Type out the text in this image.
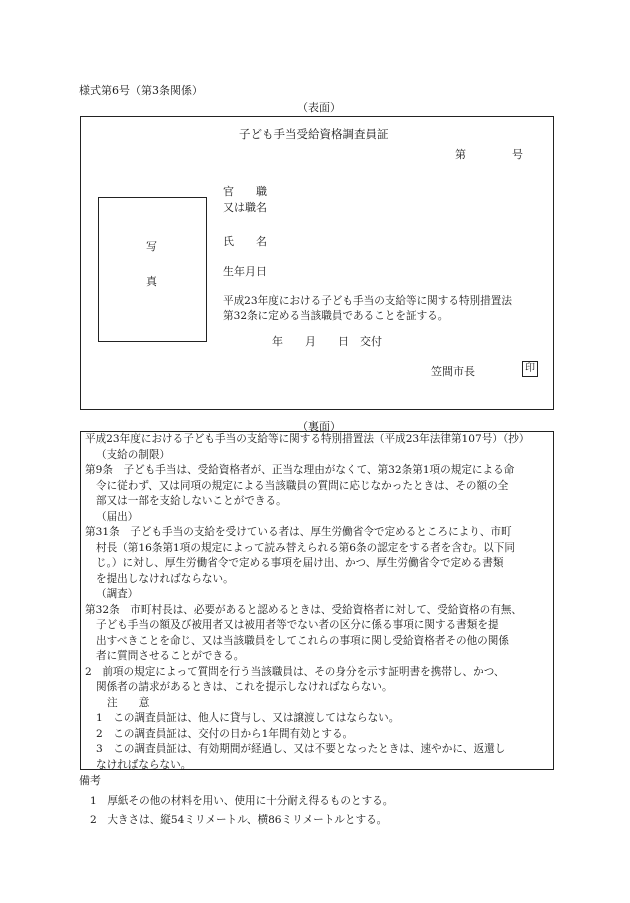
様式第6号（第3条関係）
（表面）
子ども手当受給資格調査員証
第	号
写
真
官　　職
又は職名
氏　　名
生年月日
平成23年度における子ども手当の支給等に関する特別措置法
第32条に定める当該職員であることを証する。
年　　月　　日　交付
笠間市長	印
（裏面）
平成23年度における子ども手当の支給等に関する特別措置法（平成23年法律第107号）（抄）
（支給の制限）
第9条　子ども手当は、受給資格者が、正当な理由がなくて、第32条第1項の規定による命
令に従わず、又は同項の規定による当該職員の質問に応じなかったときは、その額の全
部又は一部を支給しないことができる。
（届出）
第31条　子ども手当の支給を受けている者は、厚生労働省令で定めるところにより、市町
村長（第16条第1項の規定によって読み替えられる第6条の認定をする者を含む。以下同
じ。）に対し、厚生労働省令で定める事項を届け出、かつ、厚生労働省令で定める書類
を提出しなければならない。
（調査）
第32条　市町村長は、必要があると認めるときは、受給資格者に対して、受給資格の有無、
子ども手当の額及び被用者又は被用者等でない者の区分に係る事項に関する書類を提
出すべきことを命じ、又は当該職員をしてこれらの事項に関し受給資格者その他の関係
者に質問させることができる。
2　前項の規定によって質問を行う当該職員は、その身分を示す証明書を携帯し、かつ、
関係者の請求があるときは、これを提示しなければならない。
注　　意
1　この調査員証は、他人に貸与し、又は譲渡してはならない。
2　この調査員証は、交付の日から1年間有効とする。
3　この調査員証は、有効期間が経過し、又は不要となったときは、速やかに、返還し
なければならない。
備考
1　厚紙その他の材料を用い、使用に十分耐え得るものとする。
2　大きさは、縦54ミリメートル、横86ミリメートルとする。
